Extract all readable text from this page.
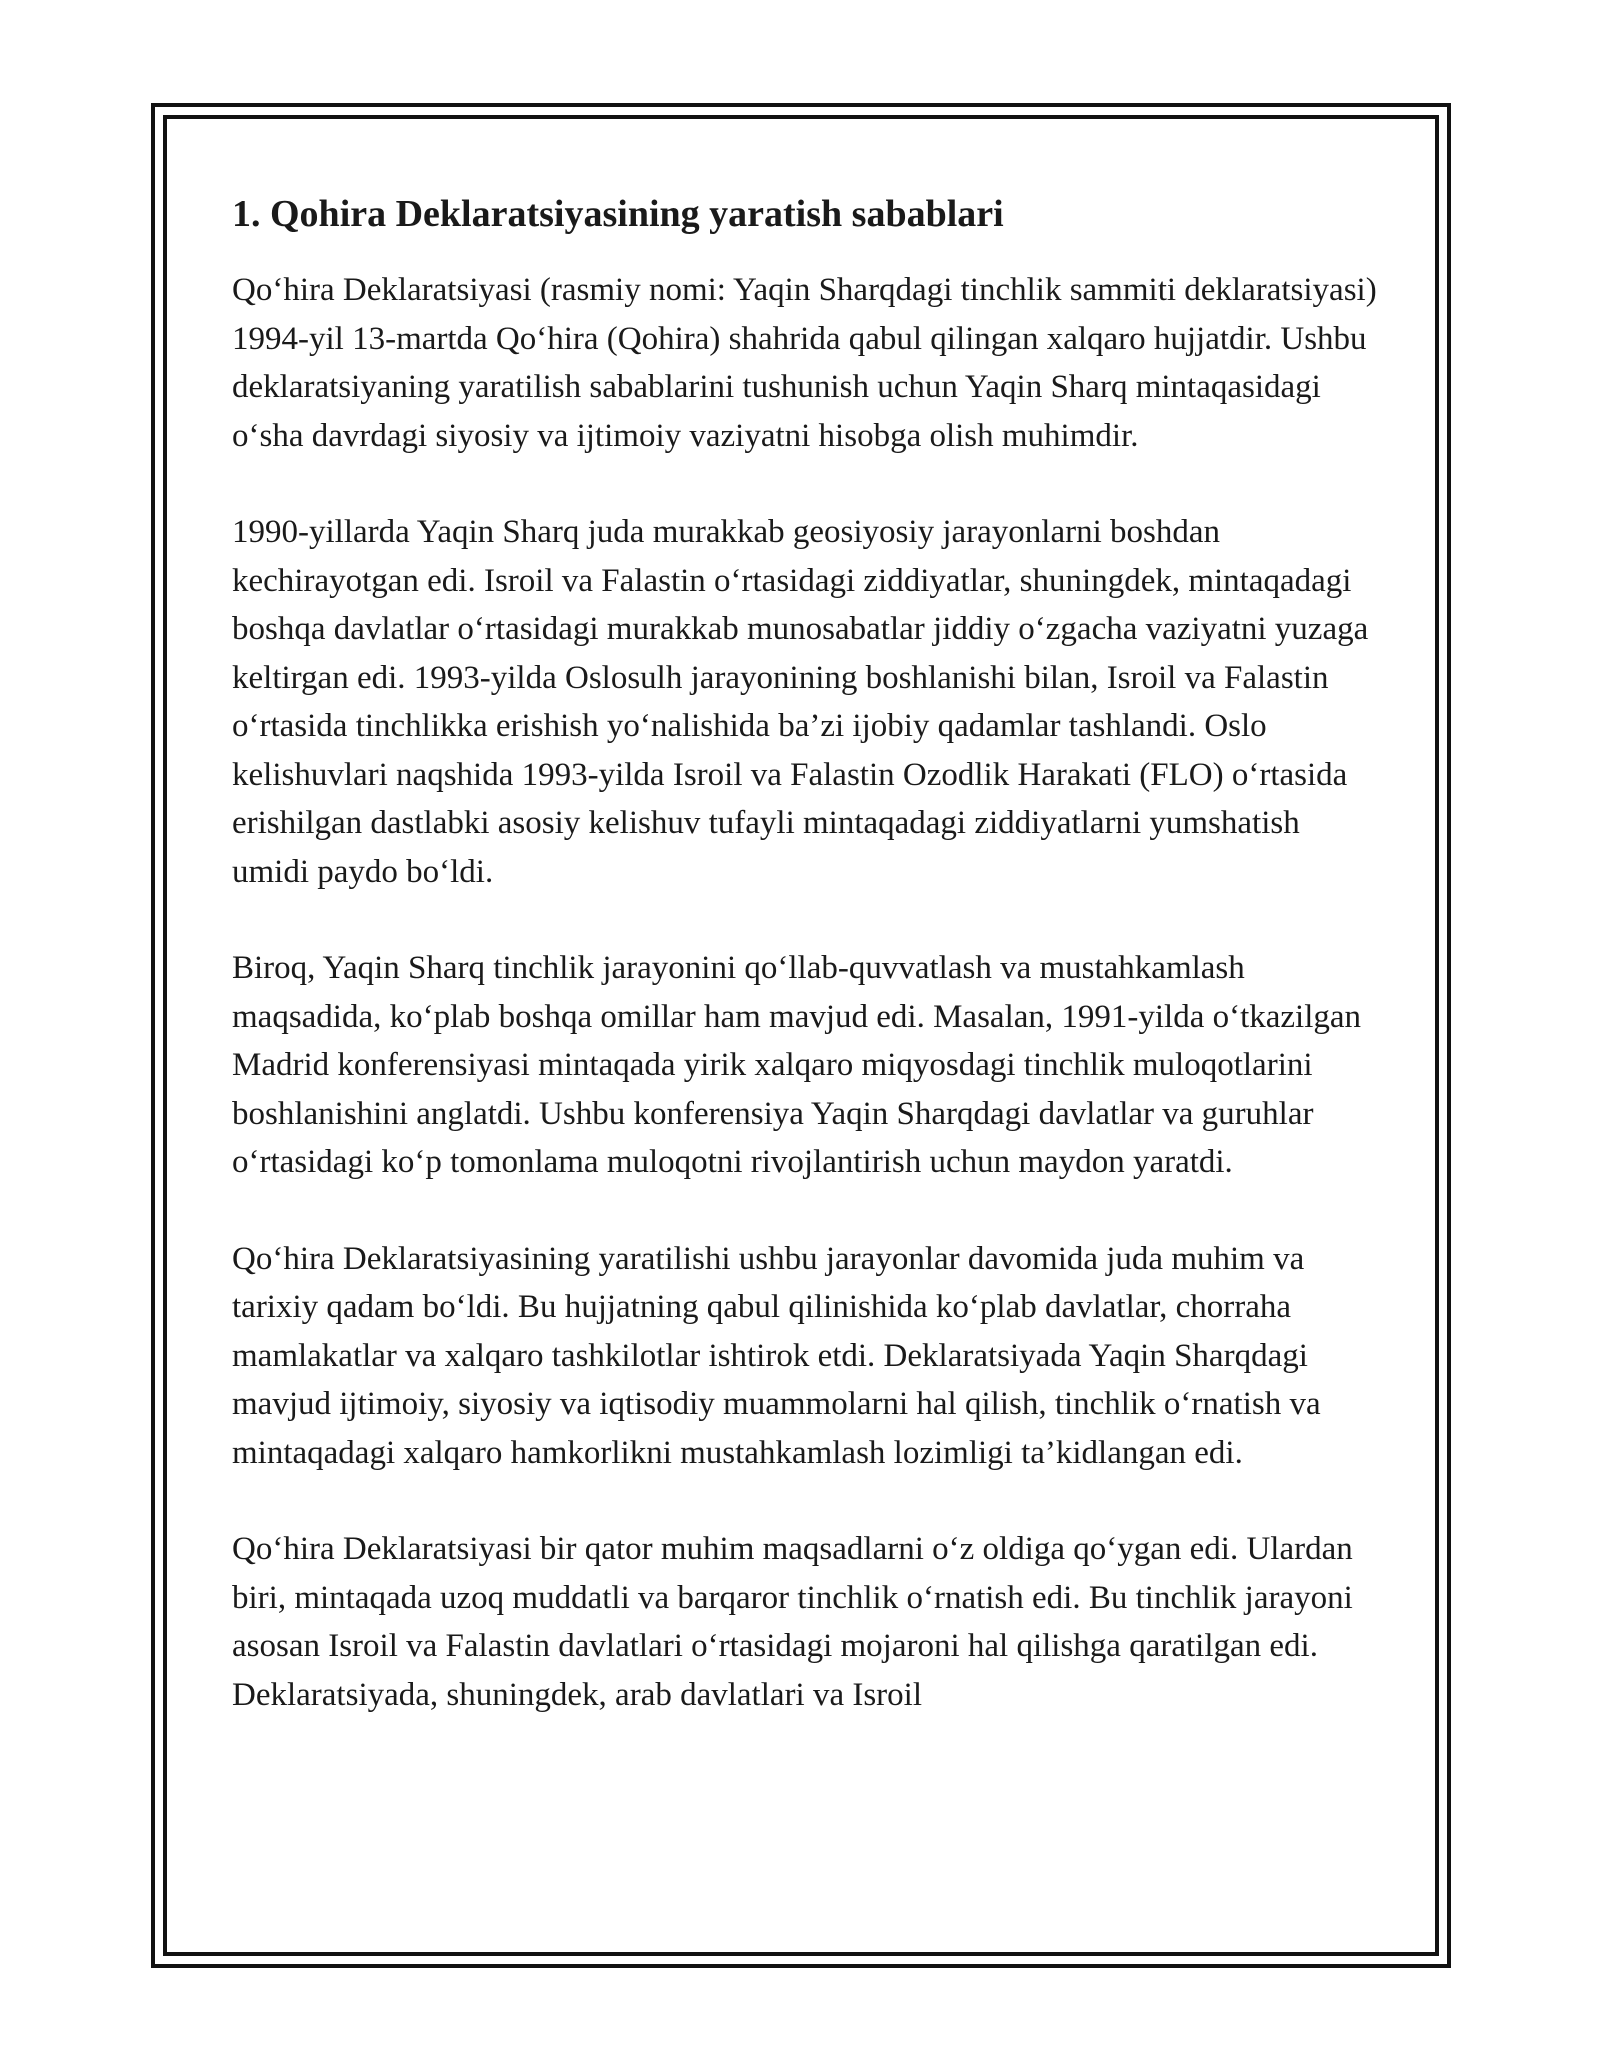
1. Qohira Deklaratsiyasining yaratish sabablari

Qo‘hira Deklaratsiyasi (rasmiy nomi: Yaqin Sharqdagi tinchlik sammiti deklaratsiyasi) 1994-yil 13-martda Qo‘hira (Qohira) shahrida qabul qilingan xalqaro hujjatdir. Ushbu deklaratsiyaning yaratilish sabablarini tushunish uchun Yaqin Sharq mintaqasidagi o‘sha davrdagi siyosiy va ijtimoiy vaziyatni hisobga olish muhimdir.

1990-yillarda Yaqin Sharq juda murakkab geosiyosiy jarayonlarni boshdan kechirayotgan edi. Isroil va Falastin o‘rtasidagi ziddiyatlar, shuningdek, mintaqadagi boshqa davlatlar o‘rtasidagi murakkab munosabatlar jiddiy o‘zgacha vaziyatni yuzaga keltirgan edi. 1993-yilda Oslosulh jarayonining boshlanishi bilan, Isroil va Falastin o‘rtasida tinchlikka erishish yo‘nalishida ba’zi ijobiy qadamlar tashlandi. Oslo kelishuvlari naqshida 1993-yilda Isroil va Falastin Ozodlik Harakati (FLO) o‘rtasida erishilgan dastlabki asosiy kelishuv tufayli mintaqadagi ziddiyatlarni yumshatish umidi paydo bo‘ldi.

Biroq, Yaqin Sharq tinchlik jarayonini qo‘llab-quvvatlash va mustahkamlash maqsadida, ko‘plab boshqa omillar ham mavjud edi. Masalan, 1991-yilda o‘tkazilgan Madrid konferensiyasi mintaqada yirik xalqaro miqyosdagi tinchlik muloqotlarini boshlanishini anglatdi. Ushbu konferensiya Yaqin Sharqdagi davlatlar va guruhlar o‘rtasidagi ko‘p tomonlama muloqotni rivojlantirish uchun maydon yaratdi.

Qo‘hira Deklaratsiyasining yaratilishi ushbu jarayonlar davomida juda muhim va tarixiy qadam bo‘ldi. Bu hujjatning qabul qilinishida ko‘plab davlatlar, chorraha mamlakatlar va xalqaro tashkilotlar ishtirok etdi. Deklaratsiyada Yaqin Sharqdagi mavjud ijtimoiy, siyosiy va iqtisodiy muammolarni hal qilish, tinchlik o‘rnatish va mintaqadagi xalqaro hamkorlikni mustahkamlash lozimligi ta’kidlangan edi.

Qo‘hira Deklaratsiyasi bir qator muhim maqsadlarni o‘z oldiga qo‘ygan edi. Ulardan biri, mintaqada uzoq muddatli va barqaror tinchlik o‘rnatish edi. Bu tinchlik jarayoni asosan Isroil va Falastin davlatlari o‘rtasidagi mojaroni hal qilishga qaratilgan edi. Deklaratsiyada, shuningdek, arab davlatlari va Isroil
